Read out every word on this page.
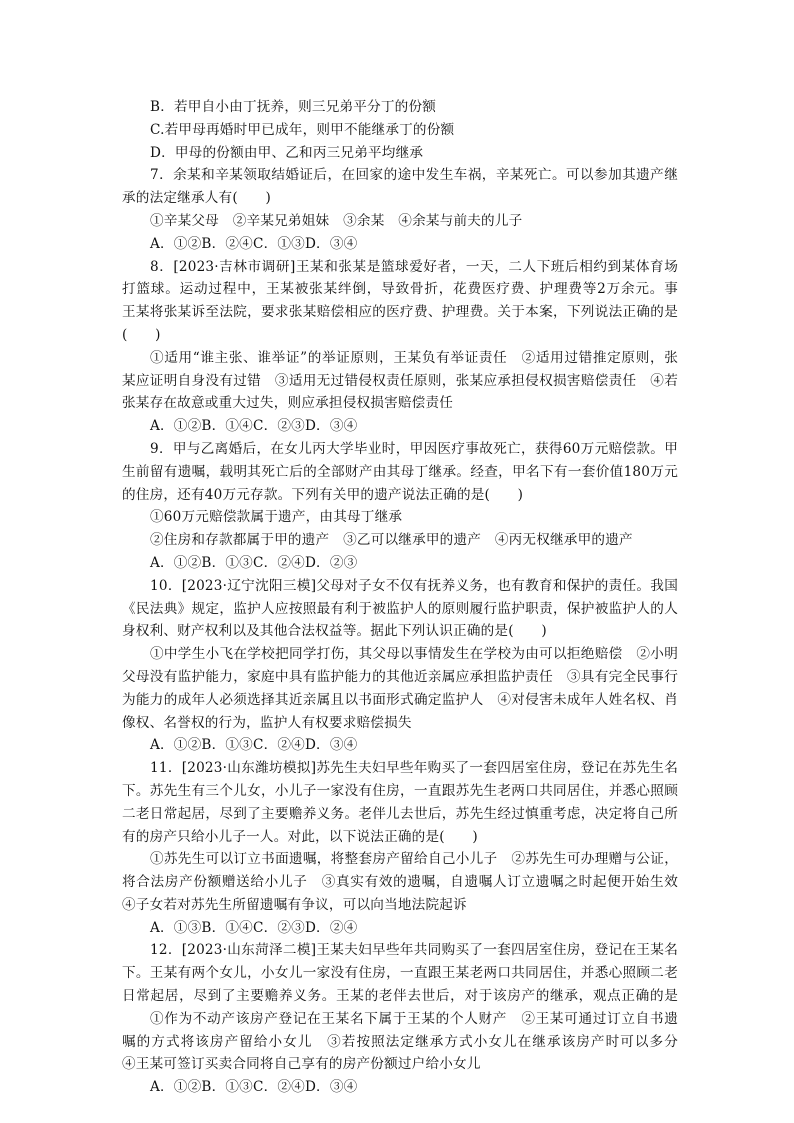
B．若甲自小由丁抚养，则三兄弟平分丁的份额
C.若甲母再婚时甲已成年，则甲不能继承丁的份额
D．甲母的份额由甲、乙和丙三兄弟平均继承
7．余某和辛某领取结婚证后，在回家的途中发生车祸，辛某死亡。可以参加其遗产继
承的法定继承人有(　　)
①辛某父母　②辛某兄弟姐妹　③余某　④余某与前夫的儿子
A．①②B．②④C．①③D．③④
8．[2023·吉林市调研]王某和张某是篮球爱好者，一天，二人下班后相约到某体育场
打篮球。运动过程中，王某被张某绊倒，导致骨折，花费医疗费、护理费等2万余元。事
王某将张某诉至法院，要求张某赔偿相应的医疗费、护理费。关于本案，下列说法正确的是
(　　)
①适用“谁主张、谁举证”的举证原则，王某负有举证责任　②适用过错推定原则，张
某应证明自身没有过错　③适用无过错侵权责任原则，张某应承担侵权损害赔偿责任　④若
张某存在故意或重大过失，则应承担侵权损害赔偿责任
A．①②B．①④C．②③D．③④
9．甲与乙离婚后，在女儿丙大学毕业时，甲因医疗事故死亡，获得60万元赔偿款。甲
生前留有遗嘱，载明其死亡后的全部财产由其母丁继承。经查，甲名下有一套价值180万元
的住房，还有40万元存款。下列有关甲的遗产说法正确的是(　　)
①60万元赔偿款属于遗产，由其母丁继承
②住房和存款都属于甲的遗产　③乙可以继承甲的遗产　④丙无权继承甲的遗产
A．①②B．①③C．②④D．②③
10．[2023·辽宁沈阳三模]父母对子女不仅有抚养义务，也有教育和保护的责任。我国
《民法典》规定，监护人应按照最有利于被监护人的原则履行监护职责，保护被监护人的人
身权利、财产权利以及其他合法权益等。据此下列认识正确的是(　　)
①中学生小飞在学校把同学打伤，其父母以事情发生在学校为由可以拒绝赔偿　②小明
父母没有监护能力，家庭中具有监护能力的其他近亲属应承担监护责任　③具有完全民事行
为能力的成年人必须选择其近亲属且以书面形式确定监护人　④对侵害未成年人姓名权、肖
像权、名誉权的行为，监护人有权要求赔偿损失
A．①②B．①③C．②④D．③④
11．[2023·山东潍坊模拟]苏先生夫妇早些年购买了一套四居室住房，登记在苏先生名
下。苏先生有三个儿女，小儿子一家没有住房，一直跟苏先生老两口共同居住，并悉心照顾
二老日常起居，尽到了主要赡养义务。老伴儿去世后，苏先生经过慎重考虑，决定将自己所
有的房产只给小儿子一人。对此，以下说法正确的是(　　)
①苏先生可以订立书面遗嘱，将整套房产留给自己小儿子　②苏先生可办理赠与公证，
将合法房产份额赠送给小儿子　③真实有效的遗嘱，自遗嘱人订立遗嘱之时起便开始生效
④子女若对苏先生所留遗嘱有争议，可以向当地法院起诉
A．①③B．①④C．②③D．②④
12．[2023·山东菏泽二模]王某夫妇早些年共同购买了一套四居室住房，登记在王某名
下。王某有两个女儿，小女儿一家没有住房，一直跟王某老两口共同居住，并悉心照顾二老
日常起居，尽到了主要赡养义务。王某的老伴去世后，对于该房产的继承，观点正确的是　　
①作为不动产该房产登记在王某名下属于王某的个人财产　②王某可通过订立自书遗
嘱的方式将该房产留给小女儿　③若按照法定继承方式小女儿在继承该房产时可以多分
④王某可签订买卖合同将自己享有的房产份额过户给小女儿
A．①②B．①③C．②④D．③④
